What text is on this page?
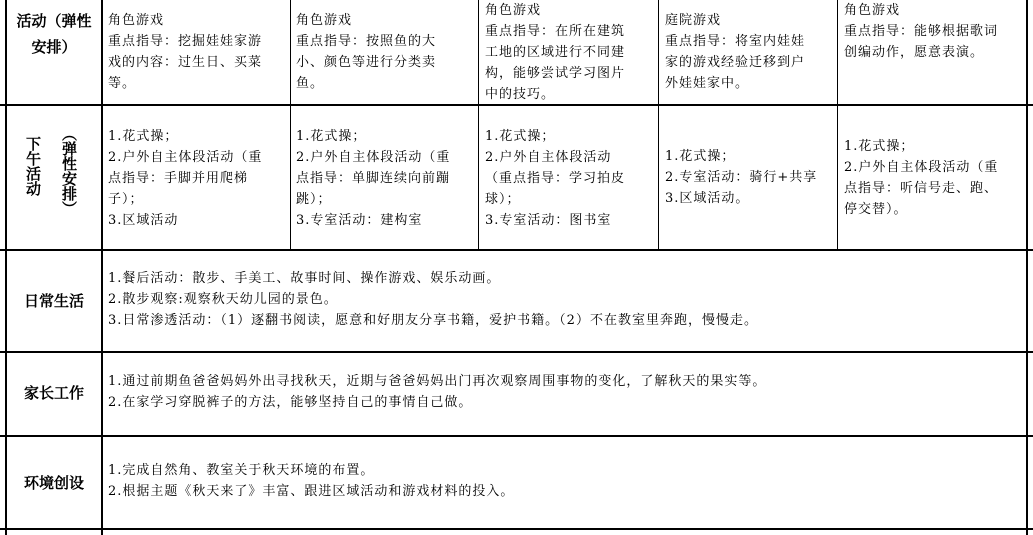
活动（弹性
安排）
角色游戏
重点指导：挖掘娃娃家游
戏的内容：过生日、买菜
等。
角色游戏
重点指导：按照鱼的大
小、颜色等进行分类卖
鱼。
角色游戏
重点指导：在所在建筑
工地的区域进行不同建
构，能够尝试学习图片
中的技巧。
庭院游戏
重点指导：将室内娃娃
家的游戏经验迁移到户
外娃娃家中。
角色游戏
重点指导：能够根据歌词
创编动作，愿意表演。
下午活动 （弹性安排） 1.花式操；
2.户外自主体段活动（重
点指导：手脚并用爬梯
子）；
3.区域活动
1.花式操；
2.户外自主体段活动（重
点指导：单脚连续向前蹦
跳）；
3.专室活动：建构室
1.花式操；
2.户外自主体段活动
（重点指导：学习拍皮
球）；
3.专室活动：图书室
1.花式操；
2.专室活动：骑行+共享
3.区域活动。
1.花式操；
2.户外自主体段活动（重
点指导：听信号走、跑、
停交替）。
日常生活
1.餐后活动：散步、手美工、故事时间、操作游戏、娱乐动画。
2.散步观察:观察秋天幼儿园的景色。
3.日常渗透活动：（1）逐翻书阅读，愿意和好朋友分享书籍，爱护书籍。（2）不在教室里奔跑，慢慢走。
家长工作
1.通过前期鱼爸爸妈妈外出寻找秋天，近期与爸爸妈妈出门再次观察周围事物的变化，了解秋天的果实等。
2.在家学习穿脱裤子的方法，能够坚持自己的事情自己做。
环境创设
1.完成自然角、教室关于秋天环境的布置。
2.根据主题《秋天来了》丰富、跟进区域活动和游戏材料的投入。
